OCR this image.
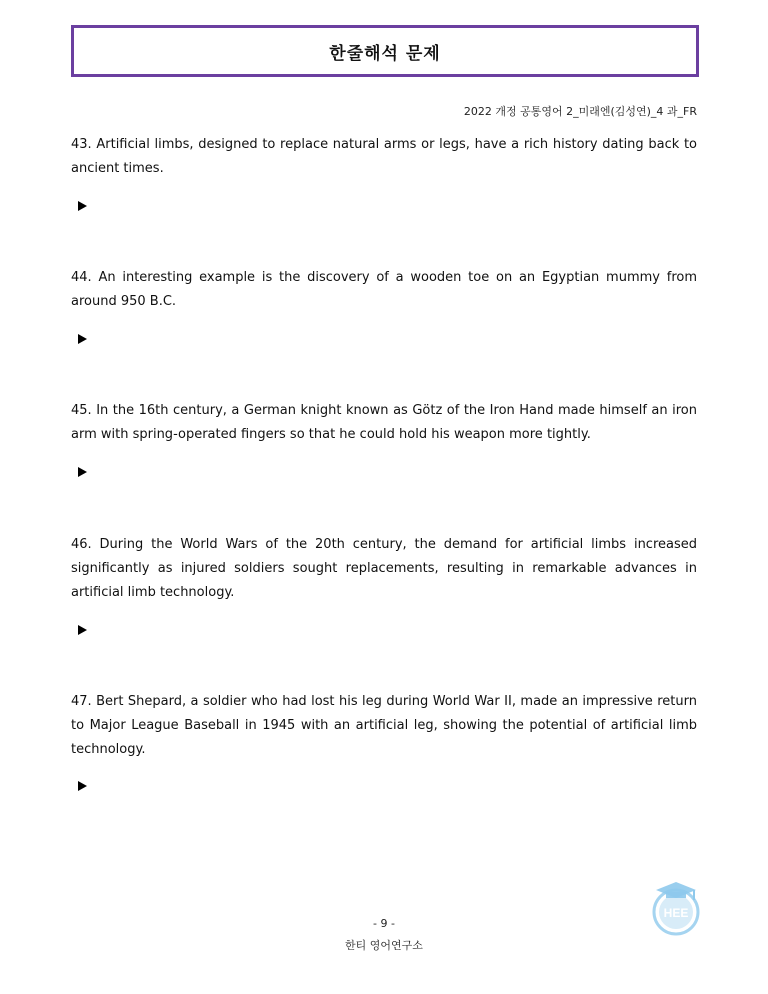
한줄해석 문제
2022 개정 공통영어 2_미래엔(김성연)_4 과_FR
43. Artificial limbs, designed to replace natural arms or legs, have a rich history dating back to ancient times.
44. An interesting example is the discovery of a wooden toe on an Egyptian mummy from around 950 B.C.
45. In the 16th century, a German knight known as Götz of the Iron Hand made himself an iron arm with spring-operated fingers so that he could hold his weapon more tightly.
46. During the World Wars of the 20th century, the demand for artificial limbs increased significantly as injured soldiers sought replacements, resulting in remarkable advances in artificial limb technology.
47. Bert Shepard, a soldier who had lost his leg during World War II, made an impressive return to Major League Baseball in 1945 with an artificial leg, showing the potential of artificial limb technology.
- 9 -
한티 영어연구소
HEE
